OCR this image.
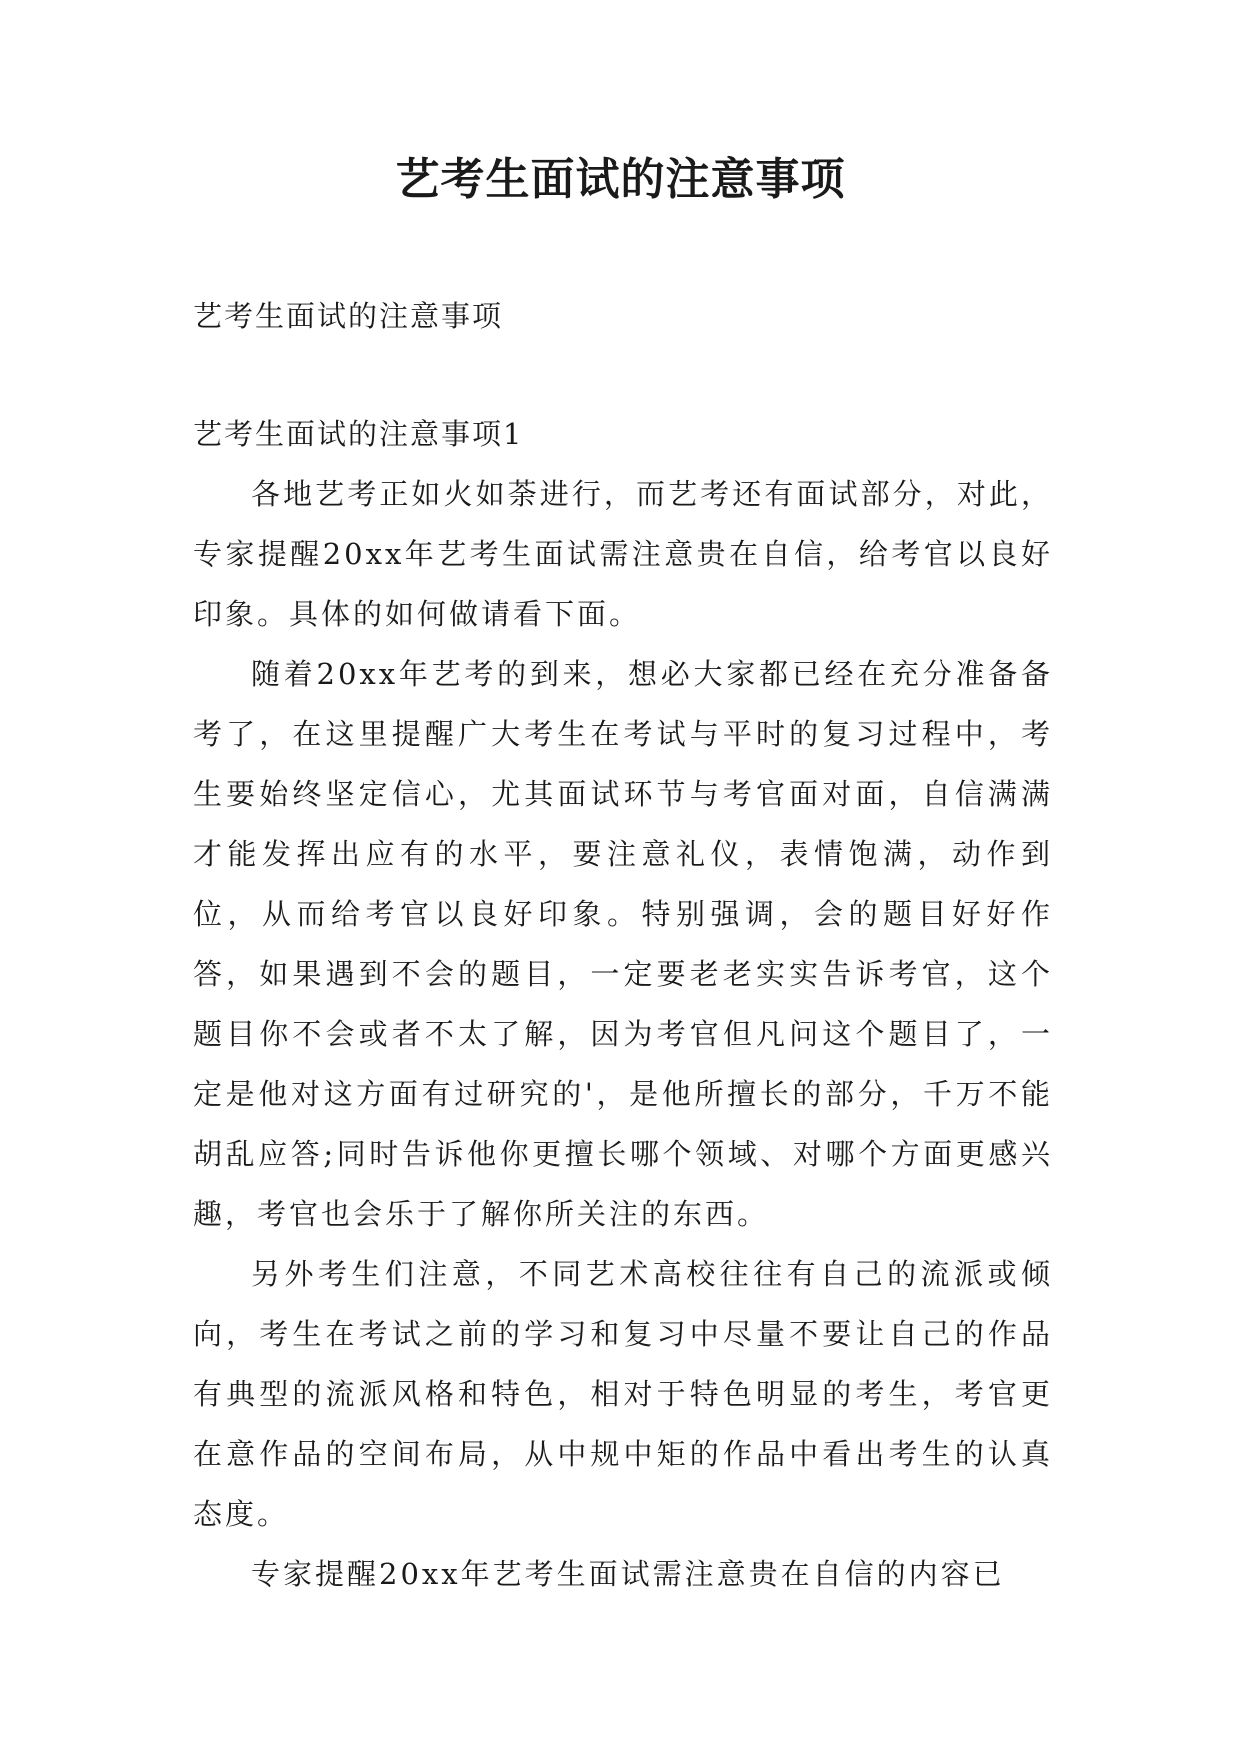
艺考生面试的注意事项

艺考生面试的注意事项

艺考生面试的注意事项1

各地艺考正如火如荼进行，而艺考还有面试部分，对此，专家提醒20xx年艺考生面试需注意贵在自信，给考官以良好印象。具体的如何做请看下面。

随着20xx年艺考的到来，想必大家都已经在充分准备备考了，在这里提醒广大考生在考试与平时的复习过程中，考生要始终坚定信心，尤其面试环节与考官面对面，自信满满才能发挥出应有的水平，要注意礼仪，表情饱满，动作到位，从而给考官以良好印象。特别强调，会的题目好好作答，如果遇到不会的题目，一定要老老实实告诉考官，这个题目你不会或者不太了解，因为考官但凡问这个题目了，一定是他对这方面有过研究的'，是他所擅长的部分，千万不能胡乱应答;同时告诉他你更擅长哪个领域、对哪个方面更感兴趣，考官也会乐于了解你所关注的东西。

另外考生们注意，不同艺术高校往往有自己的流派或倾向，考生在考试之前的学习和复习中尽量不要让自己的作品有典型的流派风格和特色，相对于特色明显的考生，考官更在意作品的空间布局，从中规中矩的作品中看出考生的认真态度。

专家提醒20xx年艺考生面试需注意贵在自信的内容已
